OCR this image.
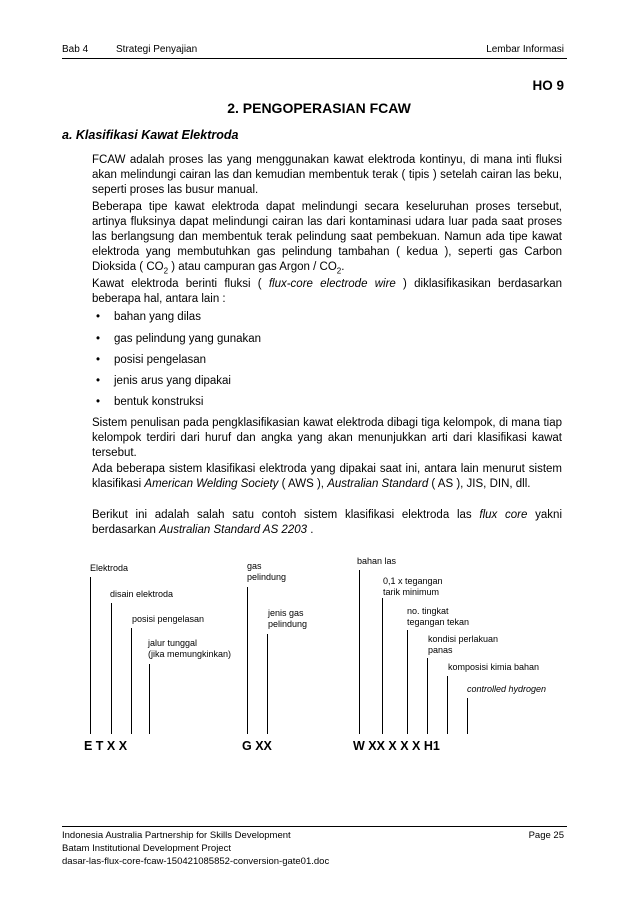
Bab 4	Strategi Penyajian	Lembar Informasi
HO 9
2. PENGOPERASIAN FCAW
a. Klasifikasi Kawat Elektroda
FCAW adalah proses las yang menggunakan kawat elektroda kontinyu, di mana inti fluksi akan melindungi cairan las dan kemudian membentuk terak ( tipis ) setelah cairan las beku, seperti proses las busur manual.
Beberapa tipe kawat elektroda dapat melindungi secara keseluruhan proses tersebut, artinya fluksinya dapat melindungi cairan las dari kontaminasi udara luar pada saat proses las berlangsung dan membentuk terak pelindung saat pembekuan. Namun ada tipe kawat elektroda yang membutuhkan gas pelindung tambahan ( kedua ), seperti gas Carbon Dioksida ( $CO_2$ ) atau campuran gas Argon / $CO_2$.
Kawat elektroda berinti fluksi ( flux-core electrode wire ) diklasifikasikan berdasarkan beberapa hal, antara lain :
• bahan yang dilas
• gas pelindung yang gunakan
• posisi pengelasan
• jenis arus yang dipakai
• bentuk konstruksi
Sistem penulisan pada pengklasifikasian kawat elektroda dibagi tiga kelompok, di mana tiap kelompok terdiri dari huruf dan angka yang akan menunjukkan arti dari klasifikasi kawat tersebut.
Ada beberapa sistem klasifikasi elektroda yang dipakai saat ini, antara lain menurut sistem klasifikasi American Welding Society ( AWS ), Australian Standard ( AS ), JIS, DIN, dll.
Berikut ini adalah salah satu contoh sistem klasifikasi elektroda las flux core yakni berdasarkan Australian Standard AS 2203 .
Elektroda
disain elektroda
posisi pengelasan
jalur tunggal
(jika memungkinkan)
gas
pelindung
jenis gas
pelindung
bahan las
0,1 x tegangan
tarik minimum
no. tingkat
tegangan tekan
kondisi perlakuan
panas
komposisi kimia bahan
controlled hydrogen
E T X X	G XX	W XX X X X H1
Indonesia Australia Partnership for Skills Development
Batam Institutional Development Project
dasar-las-flux-core-fcaw-150421085852-conversion-gate01.doc
Page 25
